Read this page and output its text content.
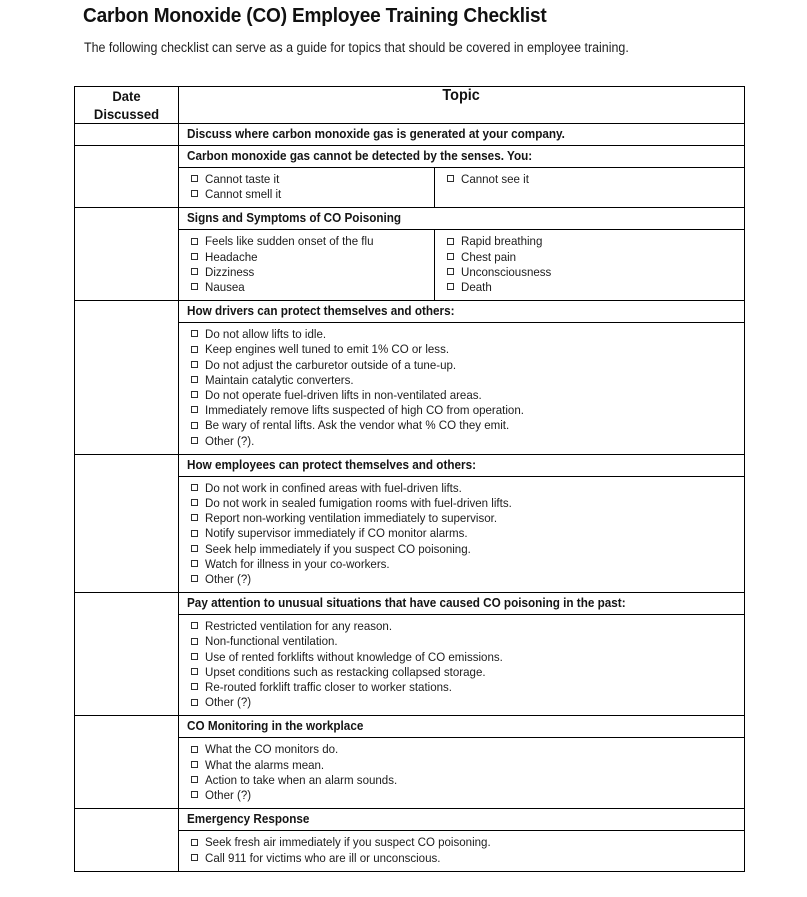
Carbon Monoxide (CO) Employee Training Checklist
The following checklist can serve as a guide for topics that should be covered in employee training.
Date
Discussed	Topic

	Discuss where carbon monoxide gas is generated at your company.

Carbon monoxide gas cannot be detected by the senses. You:
Cannot taste it
Cannot smell it
Cannot see it

Signs and Symptoms of CO Poisoning
Feels like sudden onset of the flu
Headache
Dizziness
Nausea
Rapid breathing
Chest pain
Unconsciousness
Death

How drivers can protect themselves and others:
Do not allow lifts to idle.
Keep engines well tuned to emit 1% CO or less.
Do not adjust the carburetor outside of a tune-up.
Maintain catalytic converters.
Do not operate fuel-driven lifts in non-ventilated areas.
Immediately remove lifts suspected of high CO from operation.
Be wary of rental lifts. Ask the vendor what % CO they emit.
Other (?).

How employees can protect themselves and others:
Do not work in confined areas with fuel-driven lifts.
Do not work in sealed fumigation rooms with fuel-driven lifts.
Report non-working ventilation immediately to supervisor.
Notify supervisor immediately if CO monitor alarms.
Seek help immediately if you suspect CO poisoning.
Watch for illness in your co-workers.
Other (?)

Pay attention to unusual situations that have caused CO poisoning in the past:
Restricted ventilation for any reason.
Non-functional ventilation.
Use of rented forklifts without knowledge of CO emissions.
Upset conditions such as restacking collapsed storage.
Re-routed forklift traffic closer to worker stations.
Other (?)

CO Monitoring in the workplace
What the CO monitors do.
What the alarms mean.
Action to take when an alarm sounds.
Other (?)

Emergency Response
Seek fresh air immediately if you suspect CO poisoning.
Call 911 for victims who are ill or unconscious.
